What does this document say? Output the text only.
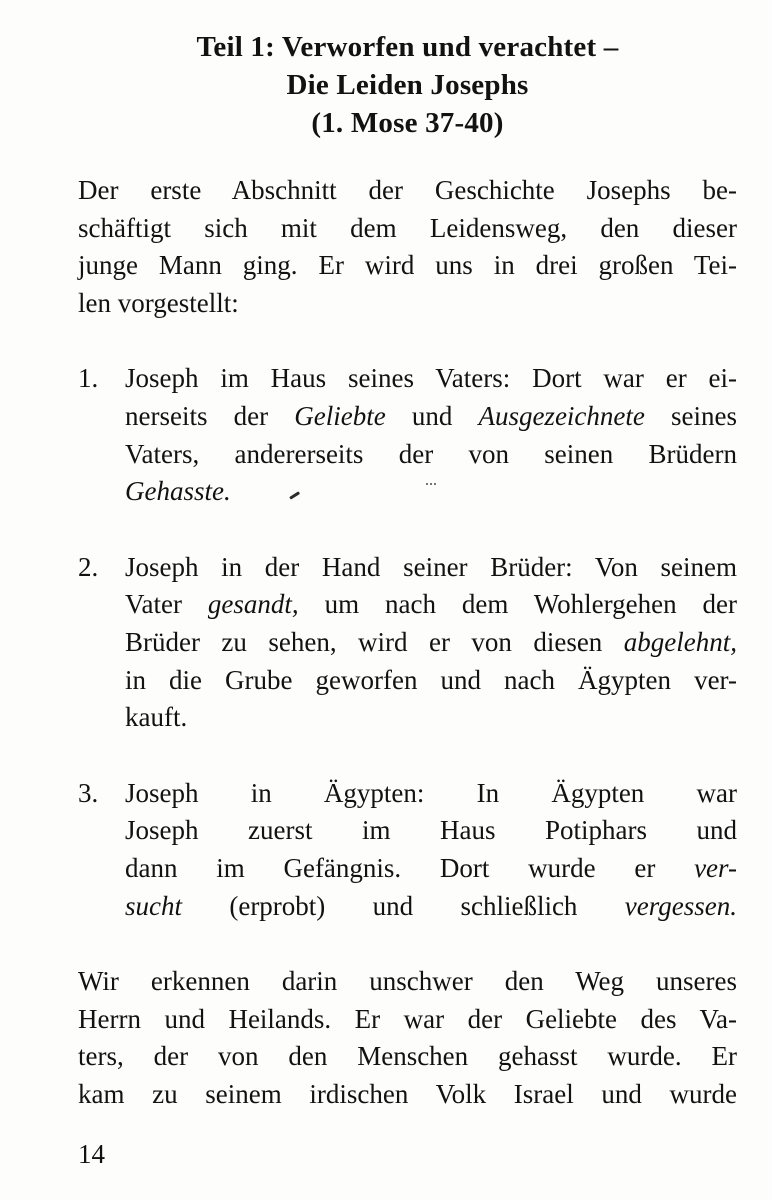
Teil 1: Verworfen und verachtet –
Die Leiden Josephs
(1. Mose 37-40)
Der erste Abschnitt der Geschichte Josephs be-
schäftigt sich mit dem Leidensweg, den dieser
junge Mann ging. Er wird uns in drei großen Tei-
len vorgestellt:
1. Joseph im Haus seines Vaters: Dort war er ei-
nerseits der Geliebte und Ausgezeichnete seines
Vaters, andererseits der von seinen Brüdern
Gehasste.
2. Joseph in der Hand seiner Brüder: Von seinem
Vater gesandt, um nach dem Wohlergehen der
Brüder zu sehen, wird er von diesen abgelehnt,
in die Grube geworfen und nach Ägypten ver-
kauft.
3. Joseph in Ägypten: In Ägypten war
Joseph zuerst im Haus Potiphars und
dann im Gefängnis. Dort wurde er ver-
sucht (erprobt) und schließlich vergessen.
Wir erkennen darin unschwer den Weg unseres
Herrn und Heilands. Er war der Geliebte des Va-
ters, der von den Menschen gehasst wurde. Er
kam zu seinem irdischen Volk Israel und wurde
14
